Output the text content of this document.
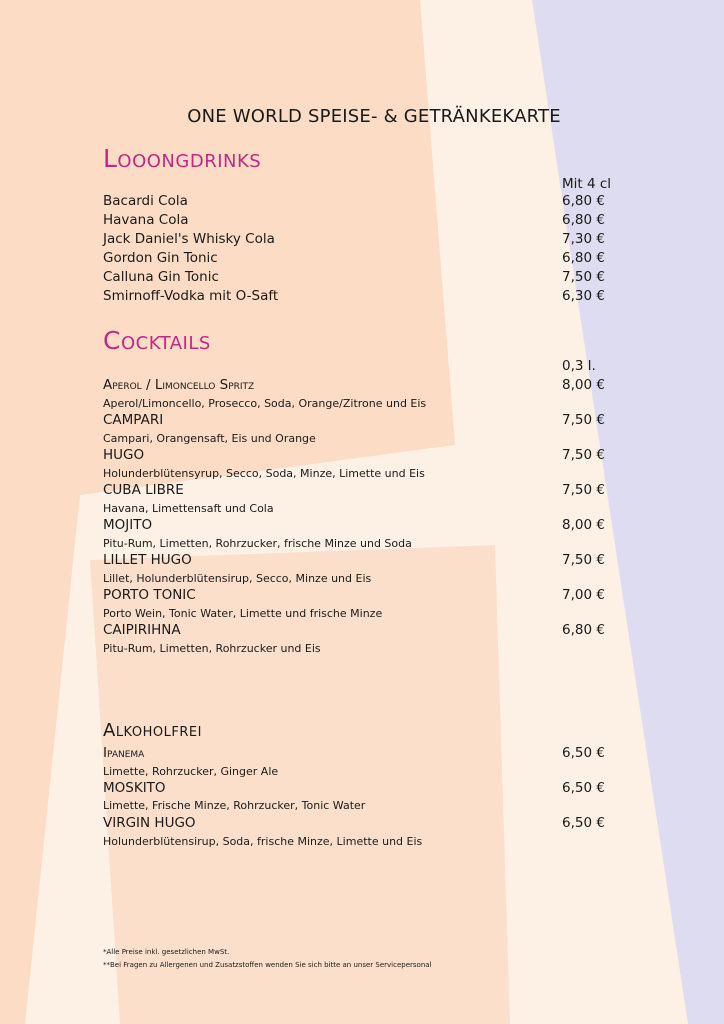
ONE WORLD SPEISE- & GETRÄNKEKARTE
Looongdrinks
Mit 4 cl
Bacardi Cola	6,80 €
Havana Cola	6,80 €
Jack Daniel's Whisky Cola	7,30 €
Gordon Gin Tonic	6,80 €
Calluna Gin Tonic	7,50 €
Smirnoff-Vodka mit O-Saft	6,30 €
Cocktails
0,3 l.
Aperol / Limoncello Spritz	8,00 €
Aperol/Limoncello, Prosecco, Soda, Orange/Zitrone und Eis
CAMPARI	7,50 €
Campari, Orangensaft, Eis und Orange
HUGO	7,50 €
Holunderblütensyrup, Secco, Soda, Minze, Limette und Eis
CUBA LIBRE	7,50 €
Havana, Limettensaft und Cola
MOJITO	8,00 €
Pitu-Rum, Limetten, Rohrzucker, frische Minze und Soda
LILLET HUGO	7,50 €
Lillet, Holunderblütensirup, Secco, Minze und Eis
PORTO TONIC	7,00 €
Porto Wein, Tonic Water, Limette und frische Minze
CAIPIRIHNA	6,80 €
Pitu-Rum, Limetten, Rohrzucker und Eis
Alkoholfrei
Ipanema	6,50 €
Limette, Rohrzucker, Ginger Ale
MOSKITO	6,50 €
Limette, Frische Minze, Rohrzucker, Tonic Water
VIRGIN HUGO	6,50 €
Holunderblütensirup, Soda, frische Minze, Limette und Eis
*Alle Preise inkl. gesetzlichen MwSt.
**Bei Fragen zu Allergenen und Zusatzstoffen wenden Sie sich bitte an unser Servicepersonal
